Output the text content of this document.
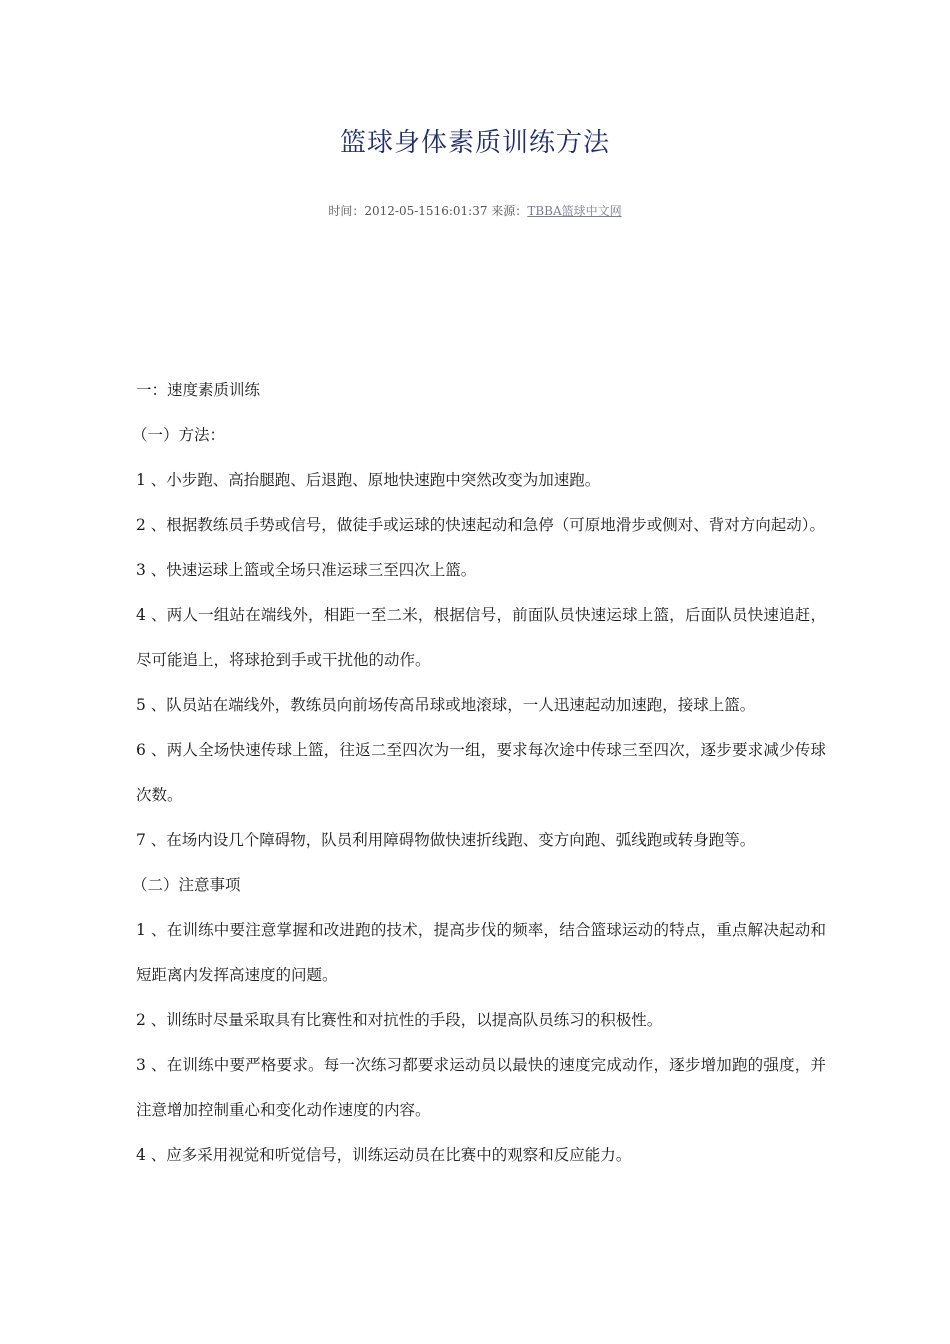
篮球身体素质训练方法
时间：2012-05-1516:01:37 来源：TBBA篮球中文网

一：速度素质训练

（一）方法：

1 、小步跑、高抬腿跑、后退跑、原地快速跑中突然改变为加速跑。

2 、根据教练员手势或信号，做徒手或运球的快速起动和急停（可原地滑步或侧对、背对方向起动）。

3 、快速运球上篮或全场只准运球三至四次上篮。

4 、两人一组站在端线外，相距一至二米，根据信号，前面队员快速运球上篮，后面队员快速追赶，尽可能追上，将球抢到手或干扰他的动作。

5 、队员站在端线外，教练员向前场传高吊球或地滚球，一人迅速起动加速跑，接球上篮。

6 、两人全场快速传球上篮，往返二至四次为一组，要求每次途中传球三至四次，逐步要求减少传球次数。

7 、在场内设几个障碍物，队员利用障碍物做快速折线跑、变方向跑、弧线跑或转身跑等。

（二）注意事项

1 、在训练中要注意掌握和改进跑的技术，提高步伐的频率，结合篮球运动的特点，重点解决起动和短距离内发挥高速度的问题。

2 、训练时尽量采取具有比赛性和对抗性的手段，以提高队员练习的积极性。

3 、在训练中要严格要求。每一次练习都要求运动员以最快的速度完成动作，逐步增加跑的强度，并注意增加控制重心和变化动作速度的内容。

4 、应多采用视觉和听觉信号，训练运动员在比赛中的观察和反应能力。
